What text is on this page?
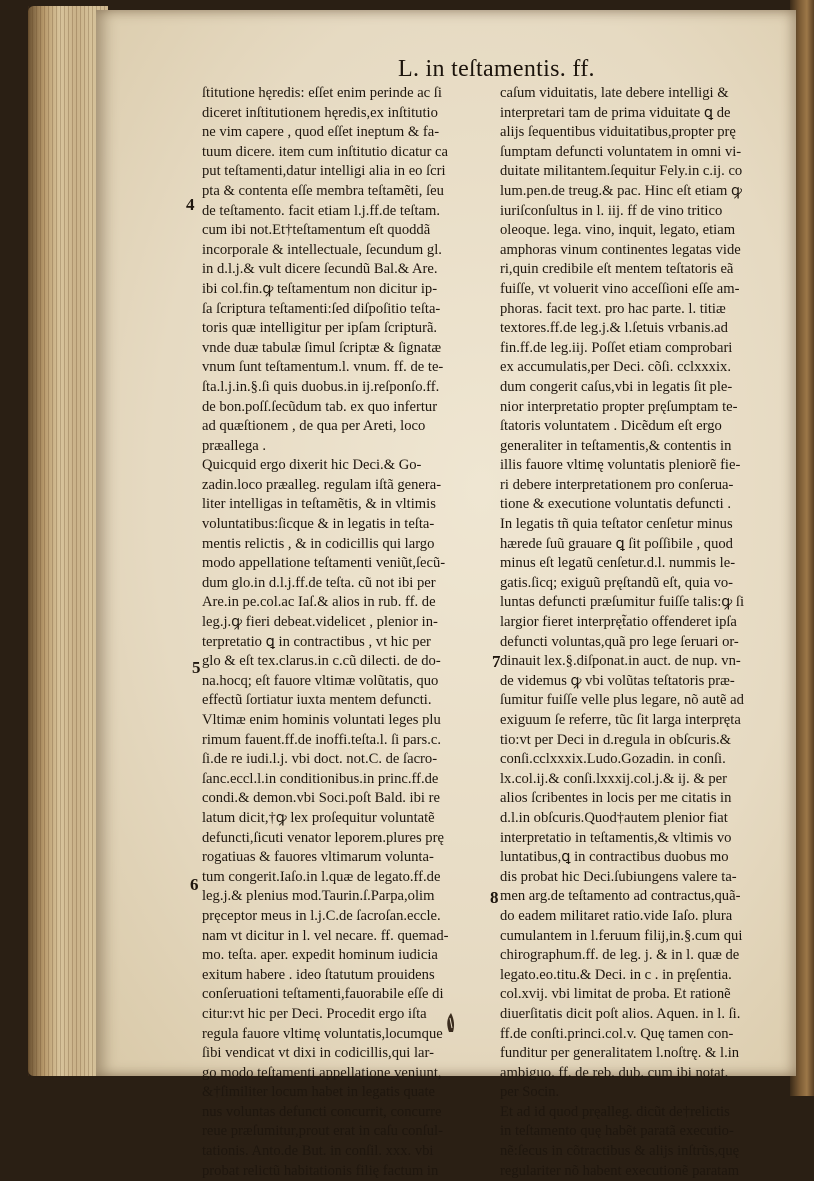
L. in teſtamentis. ff.
ſtitutione hęredis: eſſet enim perinde ac ſi
diceret inſtitutionem hęredis,ex inſtitutio
ne vim capere , quod eſſet ineptum & fa-
tuum dicere. item cum inſtitutio dicatur ca
put teſtamenti,datur intelligi alia in eo ſcri
pta & contenta eſſe membra teſtamẽti, ſeu
de teſtamento. facit etiam l.j.ff.de teſtam.
cum ibi not.Et†teſtamentum eſt quoddã
incorporale & intellectuale, ſecundum gl.
in d.l.j.& vult dicere ſecundũ Bal.& Are.
ibi col.fin.ꝙ teſtamentum non dicitur ip-
ſa ſcriptura teſtamenti:ſed diſpoſitio teſta-
toris quæ intelligitur per ipſam ſcripturã.
vnde duæ tabulæ ſimul ſcriptæ & ſignatæ
vnum ſunt teſtamentum.l. vnum. ff. de te-
ſta.l.j.in.§.ſi quis duobus.in ij.reſponſo.ff.
de bon.poſſ.ſecũdum tab. ex quo infertur
ad quæſtionem , de qua per Areti, loco
præallega .
Quicquid ergo dixerit hic Deci.& Go-
zadin.loco præalleg. regulam iſtã genera-
liter intelligas in teſtamẽtis, & in vltimis
voluntatibus:ſicque & in legatis in teſta-
mentis relictis , & in codicillis qui largo
modo appellatione teſtamenti veniũt,ſecũ-
dum glo.in d.l.j.ff.de teſta. cũ not ibi per
Are.in pe.col.ac Iaſ.& alios in rub. ff. de
leg.j.ꝙ fieri debeat.videlicet , plenior in-
terpretatio ꝗ in contractibus , vt hic per
glo & eſt tex.clarus.in c.cũ dilecti. de do-
na.hocq; eſt fauore vltimæ volũtatis, quo
effectũ ſortiatur iuxta mentem defuncti.
Vltimæ enim hominis voluntati leges plu
rimum fauent.ff.de inoffi.teſta.l. ſi pars.c.
ſi.de re iudi.l.j. vbi doct. not.C. de ſacro-
ſanc.eccl.l.in conditionibus.in princ.ff.de
condi.& demon.vbi Soci.poſt Bald. ibi re
latum dicit,†ꝙ lex proſequitur voluntatẽ
defuncti,ſicuti venator leporem.plures prę
rogatiuas & fauores vltimarum volunta-
tum congerit.Iaſo.in l.quæ de legato.ff.de
leg.j.& plenius mod.Taurin.ſ.Parpa,olim
pręceptor meus in l.j.C.de ſacroſan.eccle.
nam vt dicitur in l. vel necare. ff. quemad-
mo. teſta. aper. expedit hominum iudicia
exitum habere . ideo ſtatutum prouidens
conſeruationi teſtamenti,fauorabile eſſe di
citur:vt hic per Deci. Procedit ergo iſta
regula fauore vltimę voluntatis,locumque
ſibi vendicat vt dixi in codicillis,qui lar-
go modo teſtamenti appellatione veniunt,
&†ſimiliter locum habet in legatis quate
nus voluntas defuncti concurrit, concurre
reue præſumitur,prout erat in caſu conſul-
tationis. Anto.de But. in conſil. xxx. vbi
probat relictũ habitationis filię factum in
caſum viduitatis, late debere intelligi &
interpretari tam de prima viduitate ꝗ de
alijs ſequentibus viduitatibus,propter prę
ſumptam defuncti voluntatem in omni vi-
duitate militantem.ſequitur Fely.in c.ij. co
lum.pen.de treug.& pac. Hinc eſt etiam ꝙ
iuriſconſultus in l. iij. ff de vino tritico
oleoque. lega. vino, inquit, legato, etiam
amphoras vinum continentes legatas vide
ri,quin credibile eſt mentem teſtatoris eã
fuiſſe, vt voluerit vino acceſſioni eſſe am-
phoras. facit text. pro hac parte. l. titiæ
textores.ff.de leg.j.& l.ſetuis vrbanis.ad
fin.ff.de leg.iij. Poſſet etiam comprobari
ex accumulatis,per Deci. cõſi. cclxxxix.
dum congerit caſus,vbi in legatis ſit ple-
nior interpretatio propter pręſumptam te-
ſtatoris voluntatem . Dicẽdum eſt ergo
generaliter in teſtamentis,& contentis in
illis fauore vltimę voluntatis pleniorẽ fie-
ri debere interpretationem pro conſerua-
tione & executione voluntatis defuncti .
In legatis tñ quia teſtator cenſetur minus
hærede ſuũ grauare ꝗ ſit poſſibile , quod
minus eſt legatũ cenſetur.d.l. nummis le-
gatis.ſicq; exiguũ pręſtandũ eſt, quia vo-
luntas defuncti præſumitur fuiſſe talis:ꝙ ſi
largior fieret interpręt̃atio offenderet ipſa
defuncti voluntas,quã pro lege ſeruari or-
dinauit lex.§.diſponat.in auct. de nup. vn-
de videmus ꝙ vbi volũtas teſtatoris præ-
ſumitur fuiſſe velle plus legare, nõ autẽ ad
exiguum ſe referre, tũc ſit larga interpręta
tio:vt per Deci in d.regula in obſcuris.&
conſi.cclxxxix.Ludo.Gozadin. in conſi.
lx.col.ij.& conſi.lxxxij.col.j.& ij. & per
alios ſcribentes in locis per me citatis in
d.l.in obſcuris.Quod†autem plenior fiat
interpretatio in teſtamentis,& vltimis vo
luntatibus,ꝗ in contractibus duobus mo
dis probat hic Deci.ſubiungens valere ta-
men arg.de teſtamento ad contractus,quã-
do eadem militaret ratio.vide Iaſo. plura
cumulantem in l.feruum filij,in.§.cum qui
chirographum.ff. de leg. j. & in l. quæ de
legato.eo.titu.& Deci. in c . in pręſentia.
col.xvij. vbi limitat de proba. Et rationẽ
diuerſitatis dicit poſt alios. Aquen. in l. ſi.
ff.de conſti.princi.col.v. Quę tamen con-
funditur per generalitatem l.noſtrę. & l.in
ambiguo. ff. de reb. dub. cum ibi notat.
per Socin.
Et ad id quod pręalleg. dicũt de†relictis
in teſtamento quę habẽt paratã executio-
nẽ:ſecus in cõtractibus & alijs inſtrũs,quę
regulariter nõ habent executionẽ paratam
4
5
6
7
8
